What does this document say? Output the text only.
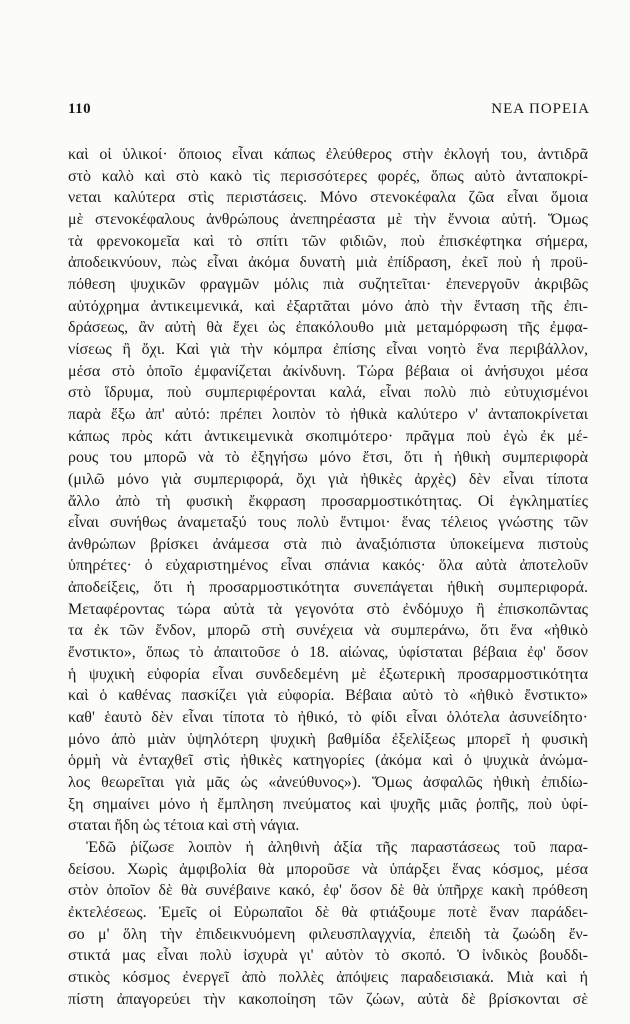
110	ΝΕΑ ΠΟΡΕΙΑ
καὶ οἱ ὑλικοί· ὅποιος εἶναι κάπως ἐλεύθερος στὴν ἐκλογή του, ἀντιδρᾶ
στὸ καλὸ καὶ στὸ κακὸ τὶς περισσότερες φορές, ὅπως αὐτὸ ἀνταποκρί-
νεται καλύτερα στὶς περιστάσεις. Μόνο στενοκέφαλα ζῶα εἶναι ὅμοια
μὲ στενοκέφαλους ἀνθρώπους ἀνεπηρέαστα μὲ τὴν ἔννοια αὐτή. Ὅμως
τὰ φρενοκομεῖα καὶ τὸ σπίτι τῶν φιδιῶν, ποὺ ἐπισκέφτηκα σήμερα,
ἀποδεικνύουν, πὼς εἶναι ἀκόμα δυνατὴ μιὰ ἐπίδραση, ἐκεῖ ποὺ ἡ προϋ-
πόθεση ψυχικῶν φραγμῶν μόλις πιὰ συζητεῖται· ἐπενεργοῦν ἀκριβῶς
αὐτόχρημα ἀντικειμενικά, καὶ ἐξαρτᾶται μόνο ἀπὸ τὴν ἔνταση τῆς ἐπι-
δράσεως, ἂν αὐτὴ θὰ ἔχει ὡς ἐπακόλουθο μιὰ μεταμόρφωση τῆς ἐμφα-
νίσεως ἢ ὄχι. Καὶ γιὰ τὴν κόμπρα ἐπίσης εἶναι νοητὸ ἕνα περιβάλλον,
μέσα στὸ ὁποῖο ἐμφανίζεται ἀκίνδυνη. Τώρα βέβαια οἱ ἀνήσυχοι μέσα
στὸ ἵδρυμα, ποὺ συμπεριφέρονται καλά, εἶναι πολὺ πιὸ εὐτυχισμένοι
παρὰ ἔξω ἀπ' αὐτό: πρέπει λοιπὸν τὸ ἠθικὰ καλύτερο ν' ἀνταποκρίνεται
κάπως πρὸς κάτι ἀντικειμενικὰ σκοπιμότερο· πρᾶγμα ποὺ ἐγὼ ἐκ μέ-
ρους του μπορῶ νὰ τὸ ἐξηγήσω μόνο ἔτσι, ὅτι ἡ ἠθικὴ συμπεριφορὰ
(μιλῶ μόνο γιὰ συμπεριφορά, ὄχι γιὰ ἠθικὲς ἀρχὲς) δὲν εἶναι τίποτα
ἄλλο ἀπὸ τὴ φυσικὴ ἔκφραση προσαρμοστικότητας. Οἱ ἐγκληματίες
εἶναι συνήθως ἀναμεταξύ τους πολὺ ἔντιμοι· ἕνας τέλειος γνώστης τῶν
ἀνθρώπων βρίσκει ἀνάμεσα στὰ πιὸ ἀναξιόπιστα ὑποκείμενα πιστοὺς
ὑπηρέτες· ὁ εὐχαριστημένος εἶναι σπάνια κακός· ὅλα αὐτὰ ἀποτελοῦν
ἀποδείξεις, ὅτι ἡ προσαρμοστικότητα συνεπάγεται ἠθικὴ συμπεριφορά.
Μεταφέροντας τώρα αὐτὰ τὰ γεγονότα στὸ ἐνδόμυχο ἢ ἐπισκοπῶντας
τα ἐκ τῶν ἔνδον, μπορῶ στὴ συνέχεια νὰ συμπεράνω, ὅτι ἕνα «ἠθικὸ
ἔνστικτο», ὅπως τὸ ἀπαιτοῦσε ὁ 18. αἰώνας, ὑφίσταται βέβαια ἐφ' ὅσον
ἡ ψυχικὴ εὐφορία εἶναι συνδεδεμένη μὲ ἐξωτερικὴ προσαρμοστικότητα
καὶ ὁ καθένας πασκίζει γιὰ εὐφορία. Βέβαια αὐτὸ τὸ «ἠθικὸ ἔνστικτο»
καθ' ἑαυτὸ δὲν εἶναι τίποτα τὸ ἠθικό, τὸ φίδι εἶναι ὁλότελα ἀσυνείδητο·
μόνο ἀπὸ μιὰν ὑψηλότερη ψυχικὴ βαθμίδα ἐξελίξεως μπορεῖ ἡ φυσικὴ
ὁρμὴ νὰ ἐνταχθεῖ στὶς ἠθικὲς κατηγορίες (ἀκόμα καὶ ὁ ψυχικὰ ἀνώμα-
λος θεωρεῖται γιὰ μᾶς ὡς «ἀνεύθυνος»). Ὅμως ἀσφαλῶς ἠθικὴ ἐπιδίω-
ξη σημαίνει μόνο ἡ ἔμπληση πνεύματος καὶ ψυχῆς μιᾶς ῥοπῆς, ποὺ ὑφί-
σταται ἤδη ὡς τέτοια καὶ στὴ νάγια.
Ἐδῶ ῥίζωσε λοιπὸν ἡ ἀληθινὴ ἀξία τῆς παραστάσεως τοῦ παρα-
δείσου. Χωρὶς ἀμφιβολία θὰ μποροῦσε νὰ ὑπάρξει ἕνας κόσμος, μέσα
στὸν ὁποῖον δὲ θὰ συνέβαινε κακό, ἐφ' ὅσον δὲ θὰ ὑπῆρχε κακὴ πρόθεση
ἐκτελέσεως. Ἐμεῖς οἱ Εὐρωπαῖοι δὲ θὰ φτιάξουμε ποτὲ ἕναν παράδει-
σο μ' ὅλη τὴν ἐπιδεικνυόμενη φιλευσπλαγχνία, ἐπειδὴ τὰ ζωώδη ἔν-
στικτά μας εἶναι πολὺ ἰσχυρὰ γι' αὐτὸν τὸ σκοπό. Ὁ ἰνδικὸς βουδδι-
στικὸς κόσμος ἐνεργεῖ ἀπὸ πολλὲς ἀπόψεις παραδεισιακά. Μιὰ καὶ ἡ
πίστη ἀπαγορεύει τὴν κακοποίηση τῶν ζώων, αὐτὰ δὲ βρίσκονται σὲ
